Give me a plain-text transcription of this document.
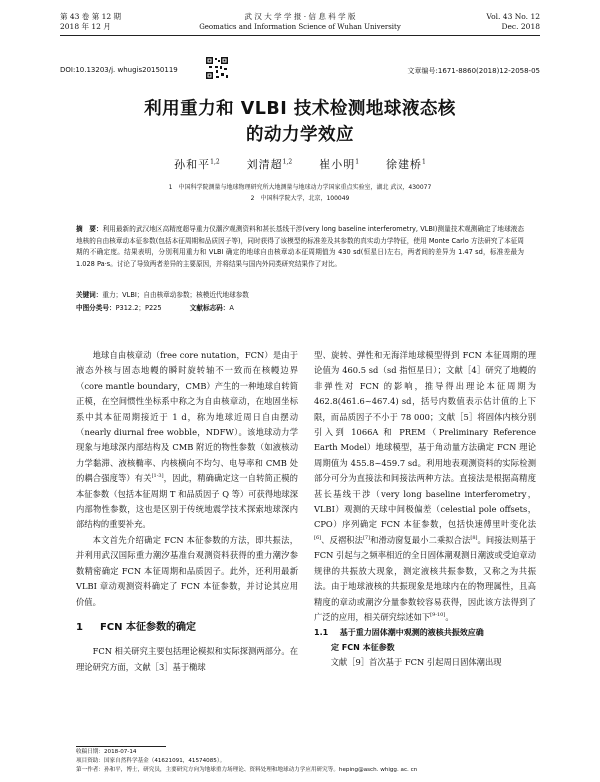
第 43 卷 第 12 期
2018 年 12 月
武 汉 大 学 学 报 · 信 息 科 学 版
Geomatics and Information Science of Wuhan University
Vol. 43 No. 12
Dec. 2018
DOI:10.13203/j. whugis20150119	文章编号:1671-8860(2018)12-2058-05
利用重力和 VLBI 技术检测地球液态核
的动力学效应
孙和平$^{1,2}$ 刘清超$^{1,2}$ 崔小明$^1$ 徐建桥$^1$
1　中国科学院测量与地球物理研究所大地测量与地球动力学国家重点实验室，湖北 武汉，430077
2　中国科学院大学，北京，100049
摘　要：利用最新的武汉地区高精度超导重力仪潮汐观测资料和甚长基线干涉(very long baseline interferometry, VLBI)测量技术观测确定了地球液态地核的自由核章动本征参数(包括本征周期和品质因子等)，同时获得了该模型的标准差及其参数的真实动力学特征，使用 Monte Carlo 方法研究了本征周期的不确定度。结果表明，分别利用重力和 VLBI 确定的地球自由核章动本征周期值为 430 sd(恒星日)左右，两者间的差异为 1.47 sd，标准差最为 1.028 Pa·s。讨论了导致两者差异的主要原因，并将结果与国内外同类研究结果作了对比。
关键词：重力；VLBI；自由核章动参数；核模近代地球参数
中图分类号：P312.2；P225	文献标志码：A

地球自由核章动（free core nutation，FCN）是由于液态外核与固态地幔的瞬时旋转轴不一致而在核幔边界（core mantle boundary，CMB）产生的一种地球自转简正模，在空间惯性坐标系中称之为自由核章动，在地固坐标系中其本征周期接近于 1 d，称为地球近周日自由摆动（nearly diurnal free wobble，NDFW）。该地球动力学现象与地球深内部结构及 CMB 附近的物性参数（如液核动力学黏滞、液核椭率、内核横向不均匀、电导率和 CMB 处的耦合强度等）有关[1-3]，因此，精确确定这一自转简正模的本征参数（包括本征周期 T 和品质因子 Q 等）可获得地球深内部物性参数，这也是区别于传统地震学技术探索地球深内部结构的重要补充。

本文首先介绍确定 FCN 本征参数的方法，即共振法，并利用武汉国际重力潮汐基准台观测资料获得的重力潮汐参数精密确定 FCN 本征周期和品质因子。此外，还利用最新 VLBI 章动观测资料确定了 FCN 本征参数，并讨论其应用价值。

1 FCN 本征参数的确定

FCN 相关研究主要包括理论模拟和实际探测两部分。在理论研究方面，文献［3］基于椭球

型、旋转、弹性和无海洋地球模型得到 FCN 本征周期的理论值为 460.5 sd（sd 指恒星日）；文献［4］研究了地幔的非弹性对 FCN 的影响，推导得出理论本征周期为 462.8(461.6~467.4) sd，括号内数值表示估计值的上下限，而品质因子不小于 78 000；文献［5］将固体内核分别引入到 1066A 和 PREM（Preliminary Reference Earth Model）地球模型，基于角动量方法确定 FCN 理论周期值为 455.8~459.7 sd。利用地表观测资料的实际检测部分可分为直接法和间接法两种方法。直接法是根据高精度甚长基线干涉（very long baseline interferometry，VLBI）观测的天球中间极偏差（celestial pole offsets，CPO）序列确定 FCN 本征参数，包括快速傅里叶变化法[6]、反褶积法[7]和滑动窗复最小二乘拟合法[8]。间接法则基于 FCN 引起与之频率相近的全日固体潮观测日潮波或受迫章动规律的共振放大现象，测定液核共振参数，又称之为共振法。由于地球液核的共振现象是地球内在的物理属性，且高精度的章动或潮汐分量参数较容易获得，因此该方法得到了广泛的应用，相关研究综述如下[9-10]。

1.1 基于重力固体潮中观测的液核共振效应确
定 FCN 本征参数

文献［9］首次基于 FCN 引起周日固体潮出现

收稿日期：2018-07-14
项目资助：国家自然科学基金（41621091，41574085）。
第一作者：孙和平，博士，研究员，主要研究方向为地球重力场理论、资料处理和地球动力学应用研究等。heping@asch. whigg. ac. cn
